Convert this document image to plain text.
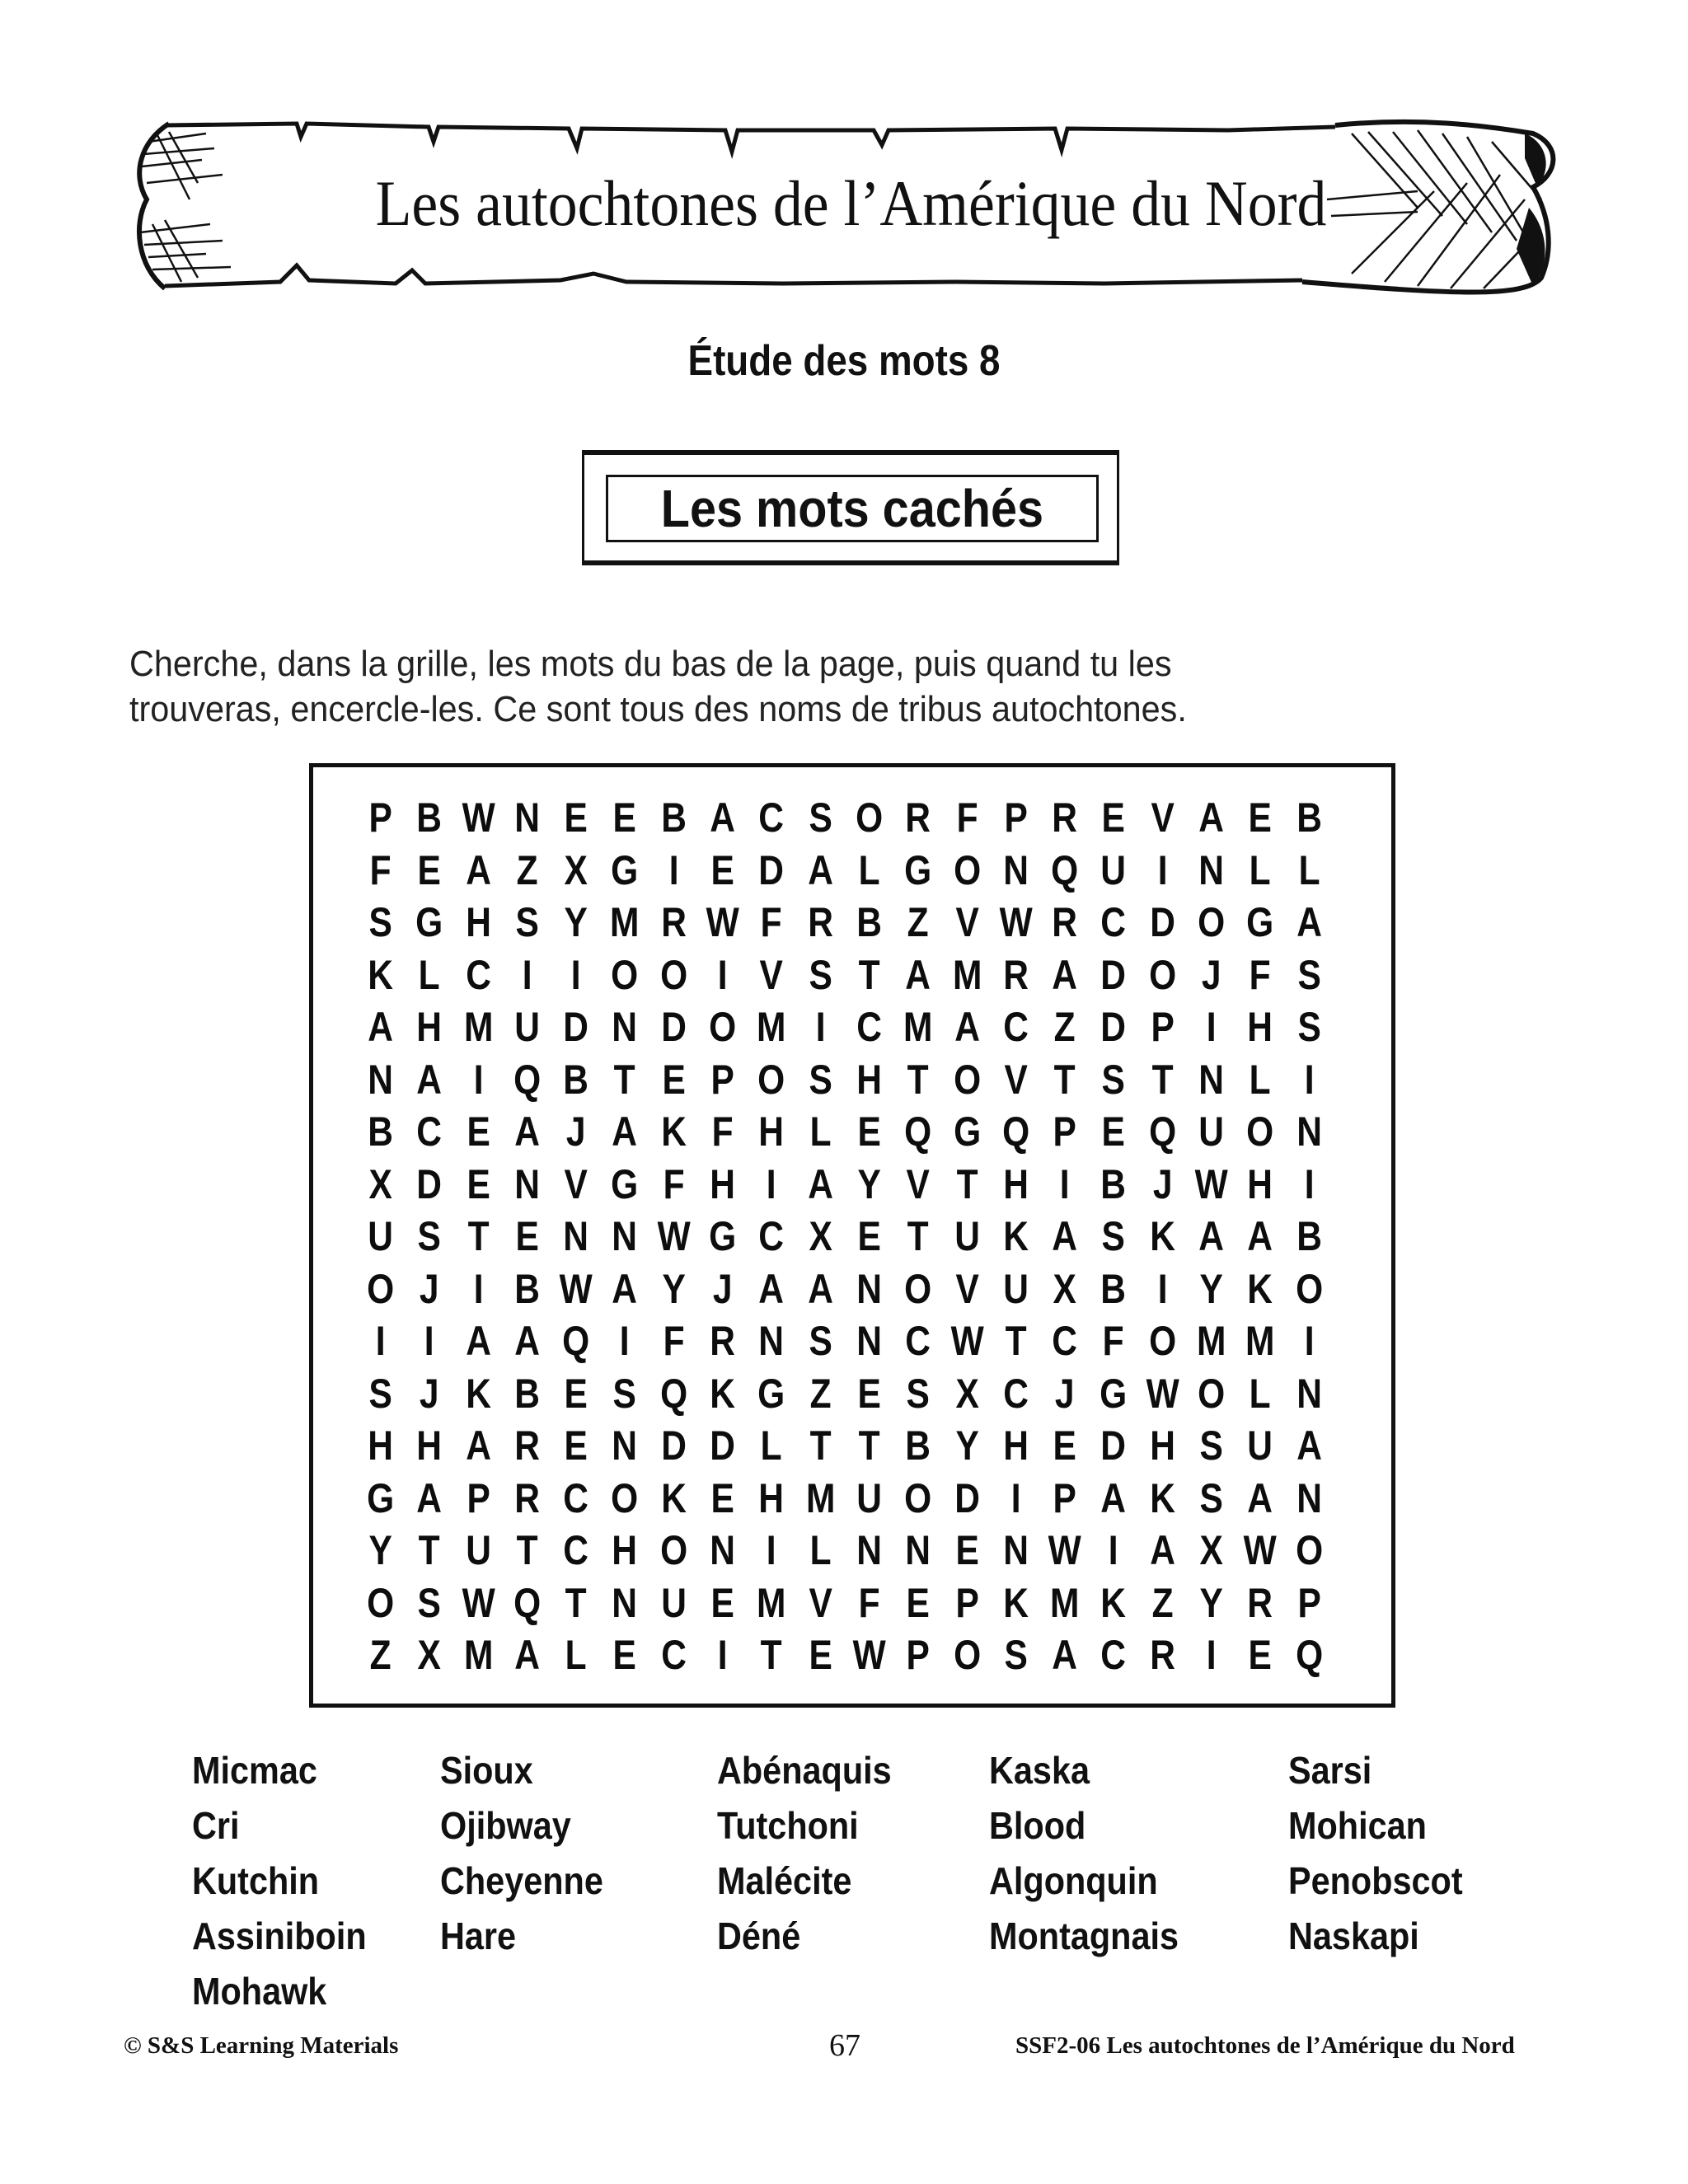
Les autochtones de l’Amérique du Nord
Étude des mots 8
Les mots cachés
Cherche, dans la grille, les mots du bas de la page, puis quand tu les
trouveras, encercle-les. Ce sont tous des noms de tribus autochtones.
P B W N E E B A C S O R F P R E V A E B
F E A Z X G I E D A L G O N Q U I N L L
S G H S Y M R W F R B Z V W R C D O G A
K L C I I O O I V S T A M R A D O J F S
A H M U D N D O M I C M A C Z D P I H S
N A I Q B T E P O S H T O V T S T N L I
B C E A J A K F H L E Q G Q P E Q U O N
X D E N V G F H I A Y V T H I B J W H I
U S T E N N W G C X E T U K A S K A A B
O J I B W A Y J A A N O V U X B I Y K O
I I A A Q I F R N S N C W T C F O M M I
S J K B E S Q K G Z E S X C J G W O L N
H H A R E N D D L T T B Y H E D H S U A
G A P R C O K E H M U O D I P A K S A N
Y T U T C H O N I L N N E N W I A X W O
O S W Q T N U E M V F E P K M K Z Y R P
Z X M A L E C I T E W P O S A C R I E Q
Micmac
Cri
Kutchin
Assiniboin
Mohawk
Sioux
Ojibway
Cheyenne
Hare
Abénaquis
Tutchoni
Malécite
Déné
Kaska
Blood
Algonquin
Montagnais
Sarsi
Mohican
Penobscot
Naskapi
© S&S Learning Materials	67	SSF2-06 Les autochtones de l’Amérique du Nord
